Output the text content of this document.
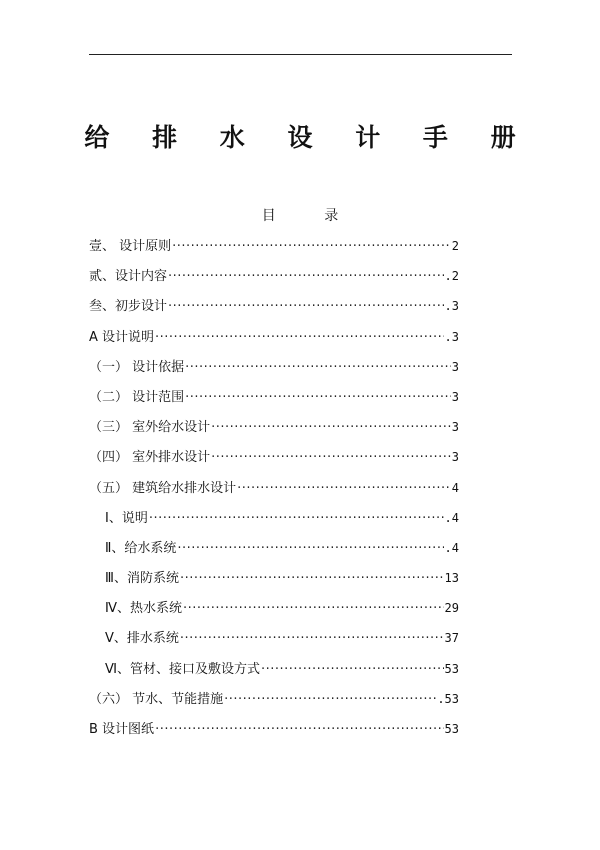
给 排 水 设 计 手 册
目 录
壹、 设计原则 ·····	2
贰、设计内容 ·····	.2
叁、初步设计 ·····	.3
A 设计说明 ·····	.3
（一） 设计依据 ·····	3
（二） 设计范围 ·····	3
（三） 室外给水设计 ·····	3
（四） 室外排水设计 ·····	3
（五） 建筑给水排水设计 ·····	4
Ⅰ、说明 ·····	.4
Ⅱ、给水系统 ·····	.4
Ⅲ、消防系统 ·····	13
Ⅳ、热水系统 ·····	29
Ⅴ、排水系统 ·····	37
Ⅵ、管材、接口及敷设方式 ·····	53
（六） 节水、节能措施 ·····	.53
B 设计图纸 ·····	53
